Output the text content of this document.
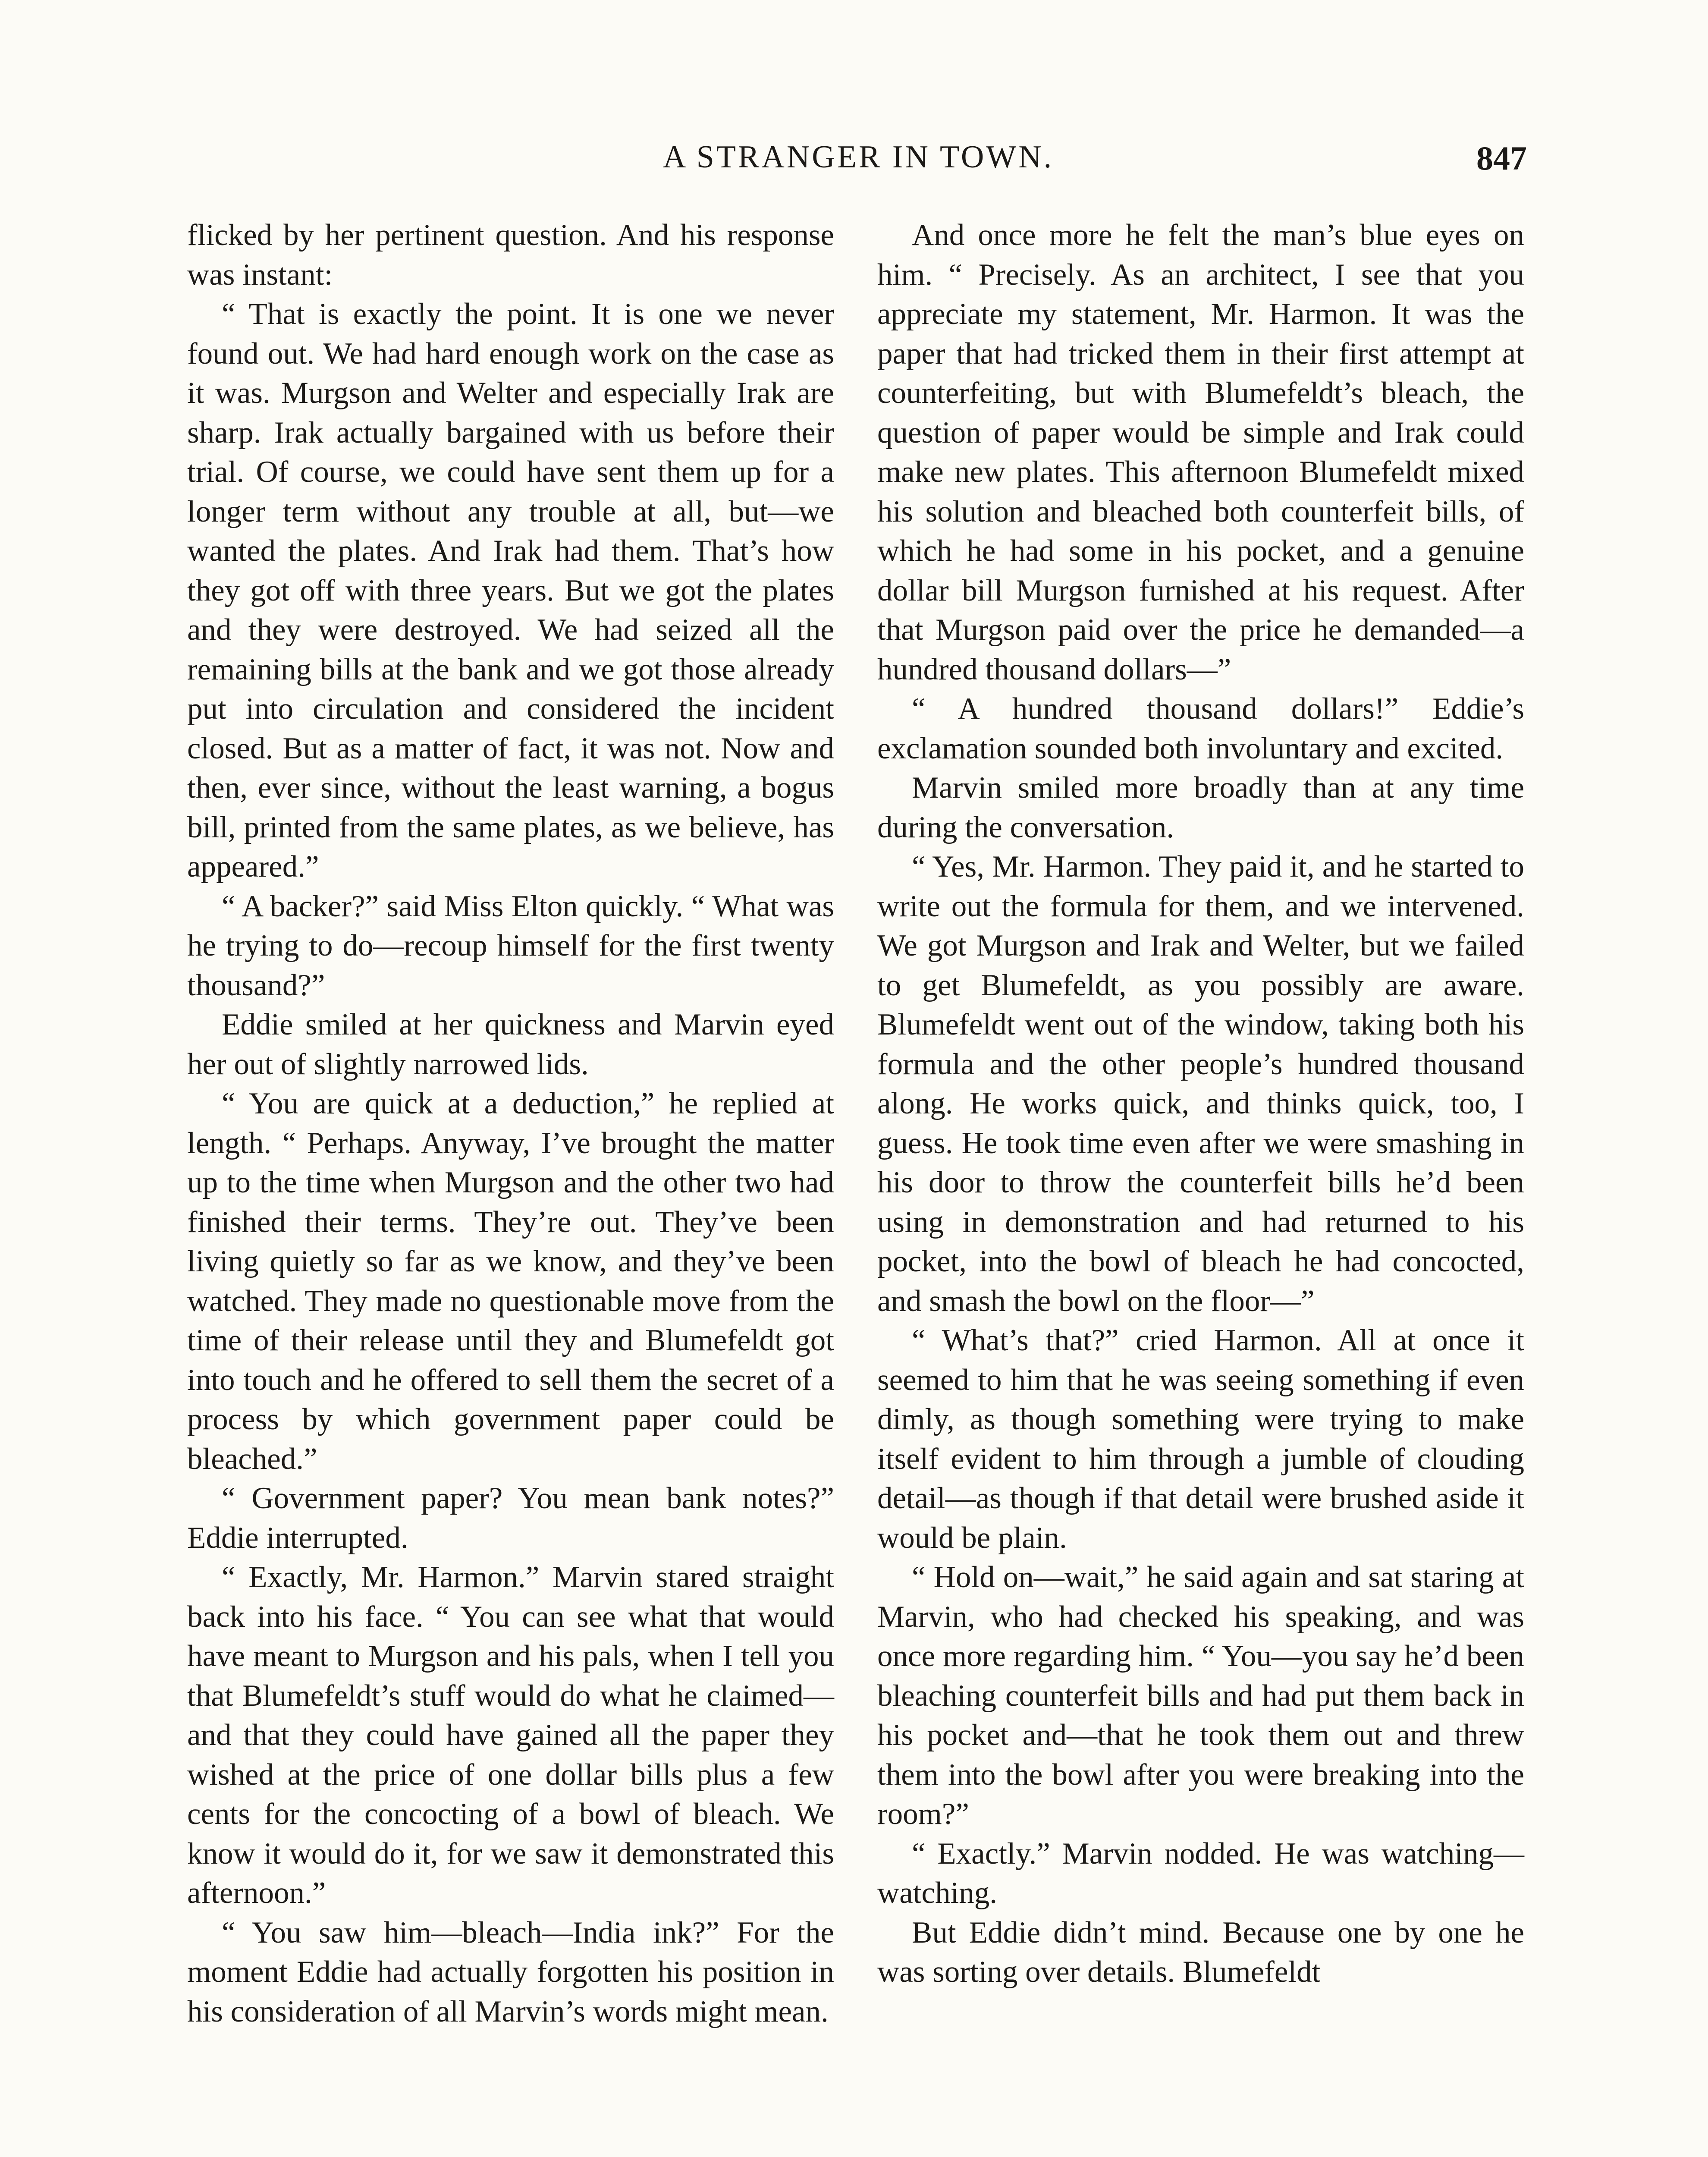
A STRANGER IN TOWN.	847

flicked by her pertinent question. And his response was instant:

“ That is exactly the point. It is one we never found out. We had hard enough work on the case as it was. Murgson and Welter and especially Irak are sharp. Irak actually bargained with us before their trial. Of course, we could have sent them up for a longer term without any trouble at all, but—we wanted the plates. And Irak had them. That’s how they got off with three years. But we got the plates and they were destroyed. We had seized all the remaining bills at the bank and we got those already put into circulation and considered the incident closed. But as a matter of fact, it was not. Now and then, ever since, without the least warning, a bogus bill, printed from the same plates, as we believe, has appeared.”

“ A backer?” said Miss Elton quickly. “ What was he trying to do—recoup himself for the first twenty thousand?”

Eddie smiled at her quickness and Marvin eyed her out of slightly narrowed lids.

“ You are quick at a deduction,” he replied at length. “ Perhaps. Anyway, I’ve brought the matter up to the time when Murgson and the other two had finished their terms. They’re out. They’ve been living quietly so far as we know, and they’ve been watched. They made no questionable move from the time of their release until they and Blumefeldt got into touch and he offered to sell them the secret of a process by which government paper could be bleached.”

“ Government paper? You mean bank notes?” Eddie interrupted.

“ Exactly, Mr. Harmon.” Marvin stared straight back into his face. “ You can see what that would have meant to Murgson and his pals, when I tell you that Blumefeldt’s stuff would do what he claimed—and that they could have gained all the paper they wished at the price of one dollar bills plus a few cents for the concocting of a bowl of bleach. We know it would do it, for we saw it demonstrated this afternoon.”

“ You saw him—bleach—India ink?” For the moment Eddie had actually forgotten his position in his consideration of all Marvin’s words might mean.

And once more he felt the man’s blue eyes on him. “ Precisely. As an architect, I see that you appreciate my statement, Mr. Harmon. It was the paper that had tricked them in their first attempt at counterfeiting, but with Blumefeldt’s bleach, the question of paper would be simple and Irak could make new plates. This afternoon Blumefeldt mixed his solution and bleached both counterfeit bills, of which he had some in his pocket, and a genuine dollar bill Murgson furnished at his request. After that Murgson paid over the price he demanded—a hundred thousand dollars—”

“ A hundred thousand dollars!” Eddie’s exclamation sounded both involuntary and excited.

Marvin smiled more broadly than at any time during the conversation.

“ Yes, Mr. Harmon. They paid it, and he started to write out the formula for them, and we intervened. We got Murgson and Irak and Welter, but we failed to get Blumefeldt, as you possibly are aware. Blumefeldt went out of the window, taking both his formula and the other people’s hundred thousand along. He works quick, and thinks quick, too, I guess. He took time even after we were smashing in his door to throw the counterfeit bills he’d been using in demonstration and had returned to his pocket, into the bowl of bleach he had concocted, and smash the bowl on the floor—”

“ What’s that?” cried Harmon. All at once it seemed to him that he was seeing something if even dimly, as though something were trying to make itself evident to him through a jumble of clouding detail—as though if that detail were brushed aside it would be plain.

“ Hold on—wait,” he said again and sat staring at Marvin, who had checked his speaking, and was once more regarding him. “ You—you say he’d been bleaching counterfeit bills and had put them back in his pocket and—that he took them out and threw them into the bowl after you were breaking into the room?”

“ Exactly.” Marvin nodded. He was watching—watching.

But Eddie didn’t mind. Because one by one he was sorting over details. Blumefeldt
